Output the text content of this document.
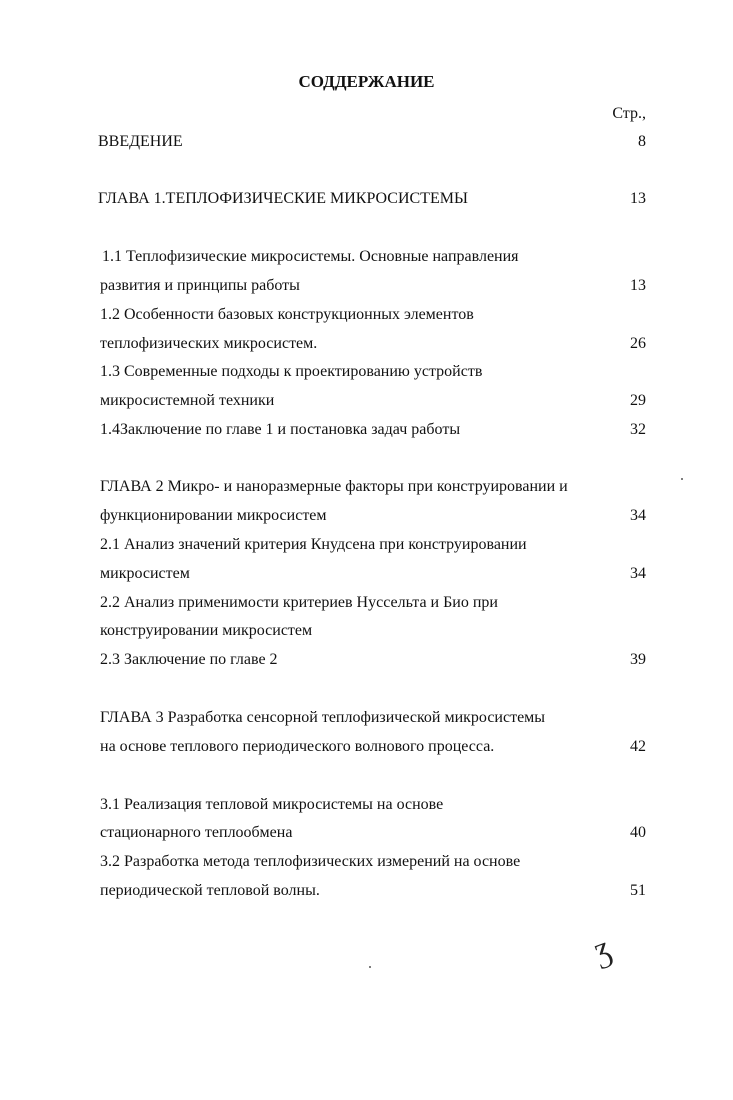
СОДДЕРЖАНИЕ
Стр.,
ВВЕДЕНИЕ	8
ГЛАВА 1.ТЕПЛОФИЗИЧЕСКИЕ МИКРОСИСТЕМЫ	13
1.1 Теплофизические микросистемы. Основные направления
развития и принципы работы	13
1.2 Особенности базовых конструкционных элементов
теплофизических микросистем.	26
1.3 Современные подходы к проектированию устройств
микросистемной техники	29
1.4Заключение по главе 1 и постановка задач работы	32
ГЛАВА 2 Микро- и наноразмерные факторы при конструировании и
функционировании микросистем	34
2.1 Анализ значений критерия Кнудсена при конструировании
микросистем	34
2.2 Анализ применимости критериев Нуссельта и Био при
конструировании микросистем
2.3 Заключение по главе 2	39
ГЛАВА 3 Разработка сенсорной теплофизической микросистемы
на основе теплового периодического волнового процесса.	42
3.1 Реализация тепловой микросистемы на основе
стационарного теплообмена	40
3.2 Разработка метода теплофизических измерений на основе
периодической тепловой волны.	51
Ʒ
